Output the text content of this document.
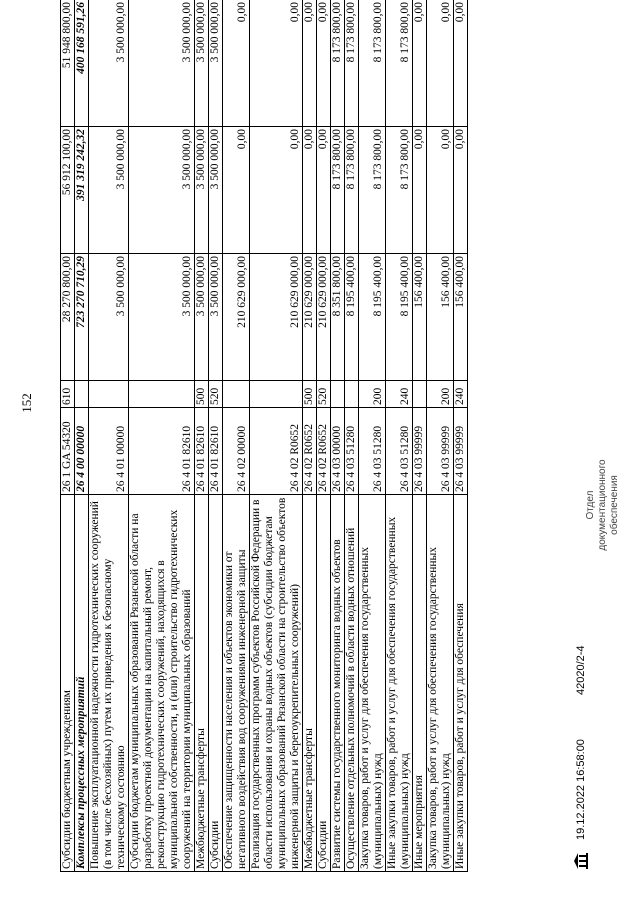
152
Субсидии бюджетным учреждениям	26 1 GA 54320	610	28 270 800,00	56 912 100,00	51 948 800,00
Комплексы процессных мероприятий	26 4 00 00000		723 270 710,29	391 319 242,32	400 168 591,26
Повышение эксплуатационной надежности гидротехнических сооружений (в том числе бесхозяйных) путем их приведения к безопасному техническому состоянию	26 4 01 00000		3 500 000,00	3 500 000,00	3 500 000,00
Субсидии бюджетам муниципальных образований Рязанской области на разработку проектной документации на капитальный ремонт, реконструкцию гидротехнических сооружений, находящихся в муниципальной собственности, и (или) строительство гидротехнических сооружений на территории муниципальных образований	26 4 01 82610		3 500 000,00	3 500 000,00	3 500 000,00
Межбюджетные трансферты	26 4 01 82610	500	3 500 000,00	3 500 000,00	3 500 000,00
Субсидии	26 4 01 82610	520	3 500 000,00	3 500 000,00	3 500 000,00
Обеспечение защищенности населения и объектов экономики от негативного воздействия вод сооружениями инженерной защиты	26 4 02 00000		210 629 000,00	0,00	0,00
Реализация государственных программ субъектов Российской Федерации в области использования и охраны водных объектов (субсидии бюджетам муниципальных образований Рязанской области на строительство объектов инженерной защиты и берегоукрепительных сооружений)	26 4 02 R0652		210 629 000,00	0,00	0,00
Межбюджетные трансферты	26 4 02 R0652	500	210 629 000,00	0,00	0,00
Субсидии	26 4 02 R0652	520	210 629 000,00	0,00	0,00
Развитие системы государственного мониторинга водных объектов	26 4 03 00000		8 351 800,00	8 173 800,00	8 173 800,00
Осуществление отдельных полномочий в области водных отношений	26 4 03 51280		8 195 400,00	8 173 800,00	8 173 800,00
Закупка товаров, работ и услуг для обеспечения государственных (муниципальных) нужд	26 4 03 51280	200	8 195 400,00	8 173 800,00	8 173 800,00
Иные закупки товаров, работ и услуг для обеспечения государственных (муниципальных) нужд	26 4 03 51280	240	8 195 400,00	8 173 800,00	8 173 800,00
Иные мероприятия	26 4 03 99999		156 400,00	0,00	0,00
Закупка товаров, работ и услуг для обеспечения государственных (муниципальных) нужд	26 4 03 99999	200	156 400,00	0,00	0,00
Иные закупки товаров, работ и услуг для обеспечения	26 4 03 99999	240	156 400,00	0,00	0,00
Отдел документационного обеспечения
19.12.2022 16:58:00
42020/2-4
